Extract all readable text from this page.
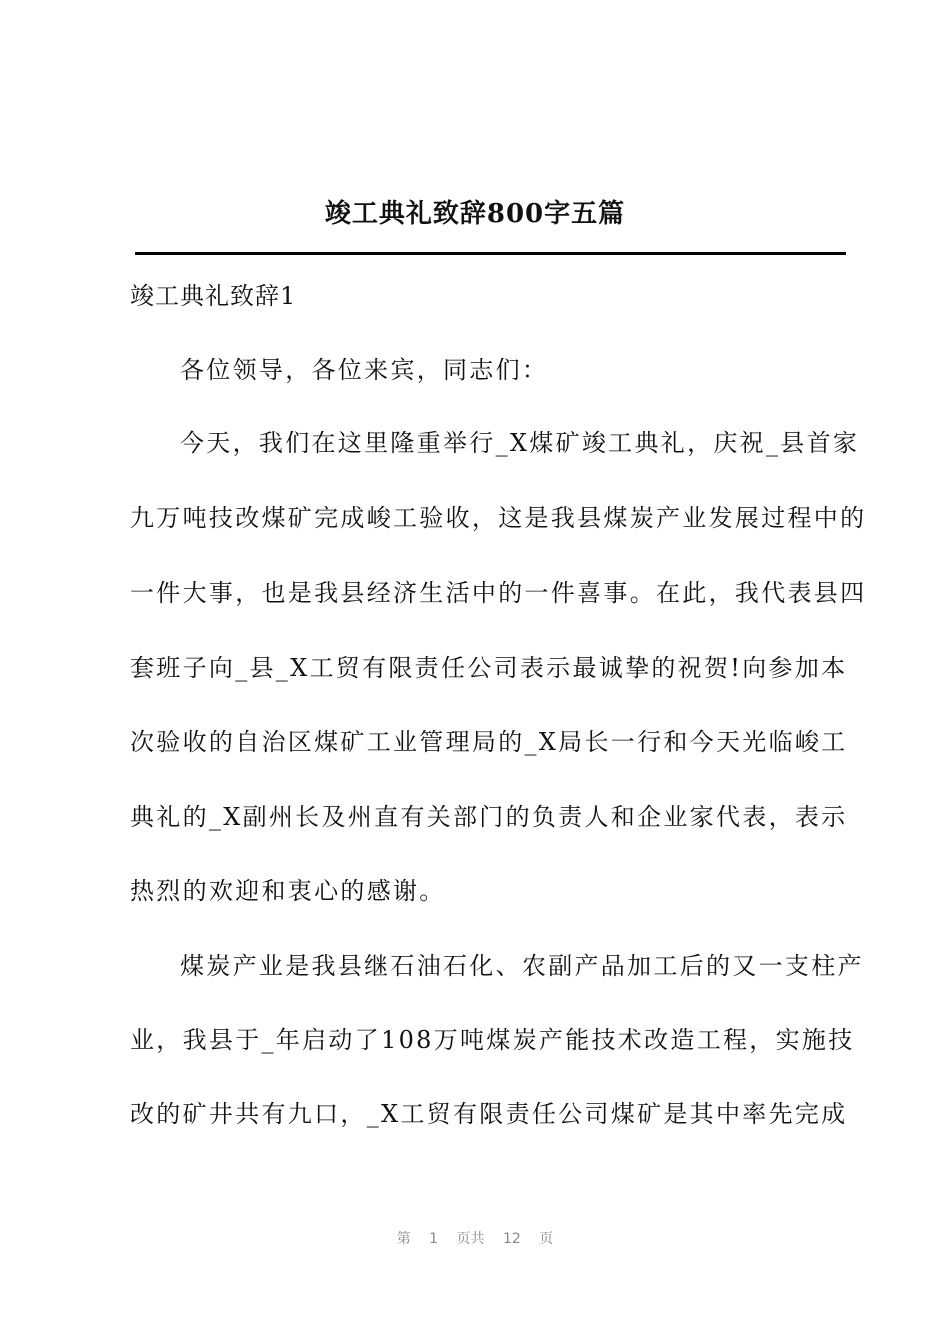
竣工典礼致辞800字五篇
竣工典礼致辞1
各位领导，各位来宾，同志们：
今天，我们在这里隆重举行_X煤矿竣工典礼，庆祝_县首家
九万吨技改煤矿完成峻工验收，这是我县煤炭产业发展过程中的
一件大事，也是我县经济生活中的一件喜事。在此，我代表县四
套班子向_县_X工贸有限责任公司表示最诚挚的祝贺!向参加本
次验收的自治区煤矿工业管理局的_X局长一行和今天光临峻工
典礼的_X副州长及州直有关部门的负责人和企业家代表，表示
热烈的欢迎和衷心的感谢。
煤炭产业是我县继石油石化、农副产品加工后的又一支柱产
业，我县于_年启动了108万吨煤炭产能技术改造工程，实施技
改的矿井共有九口，_X工贸有限责任公司煤矿是其中率先完成
第 1 页共 12 页
